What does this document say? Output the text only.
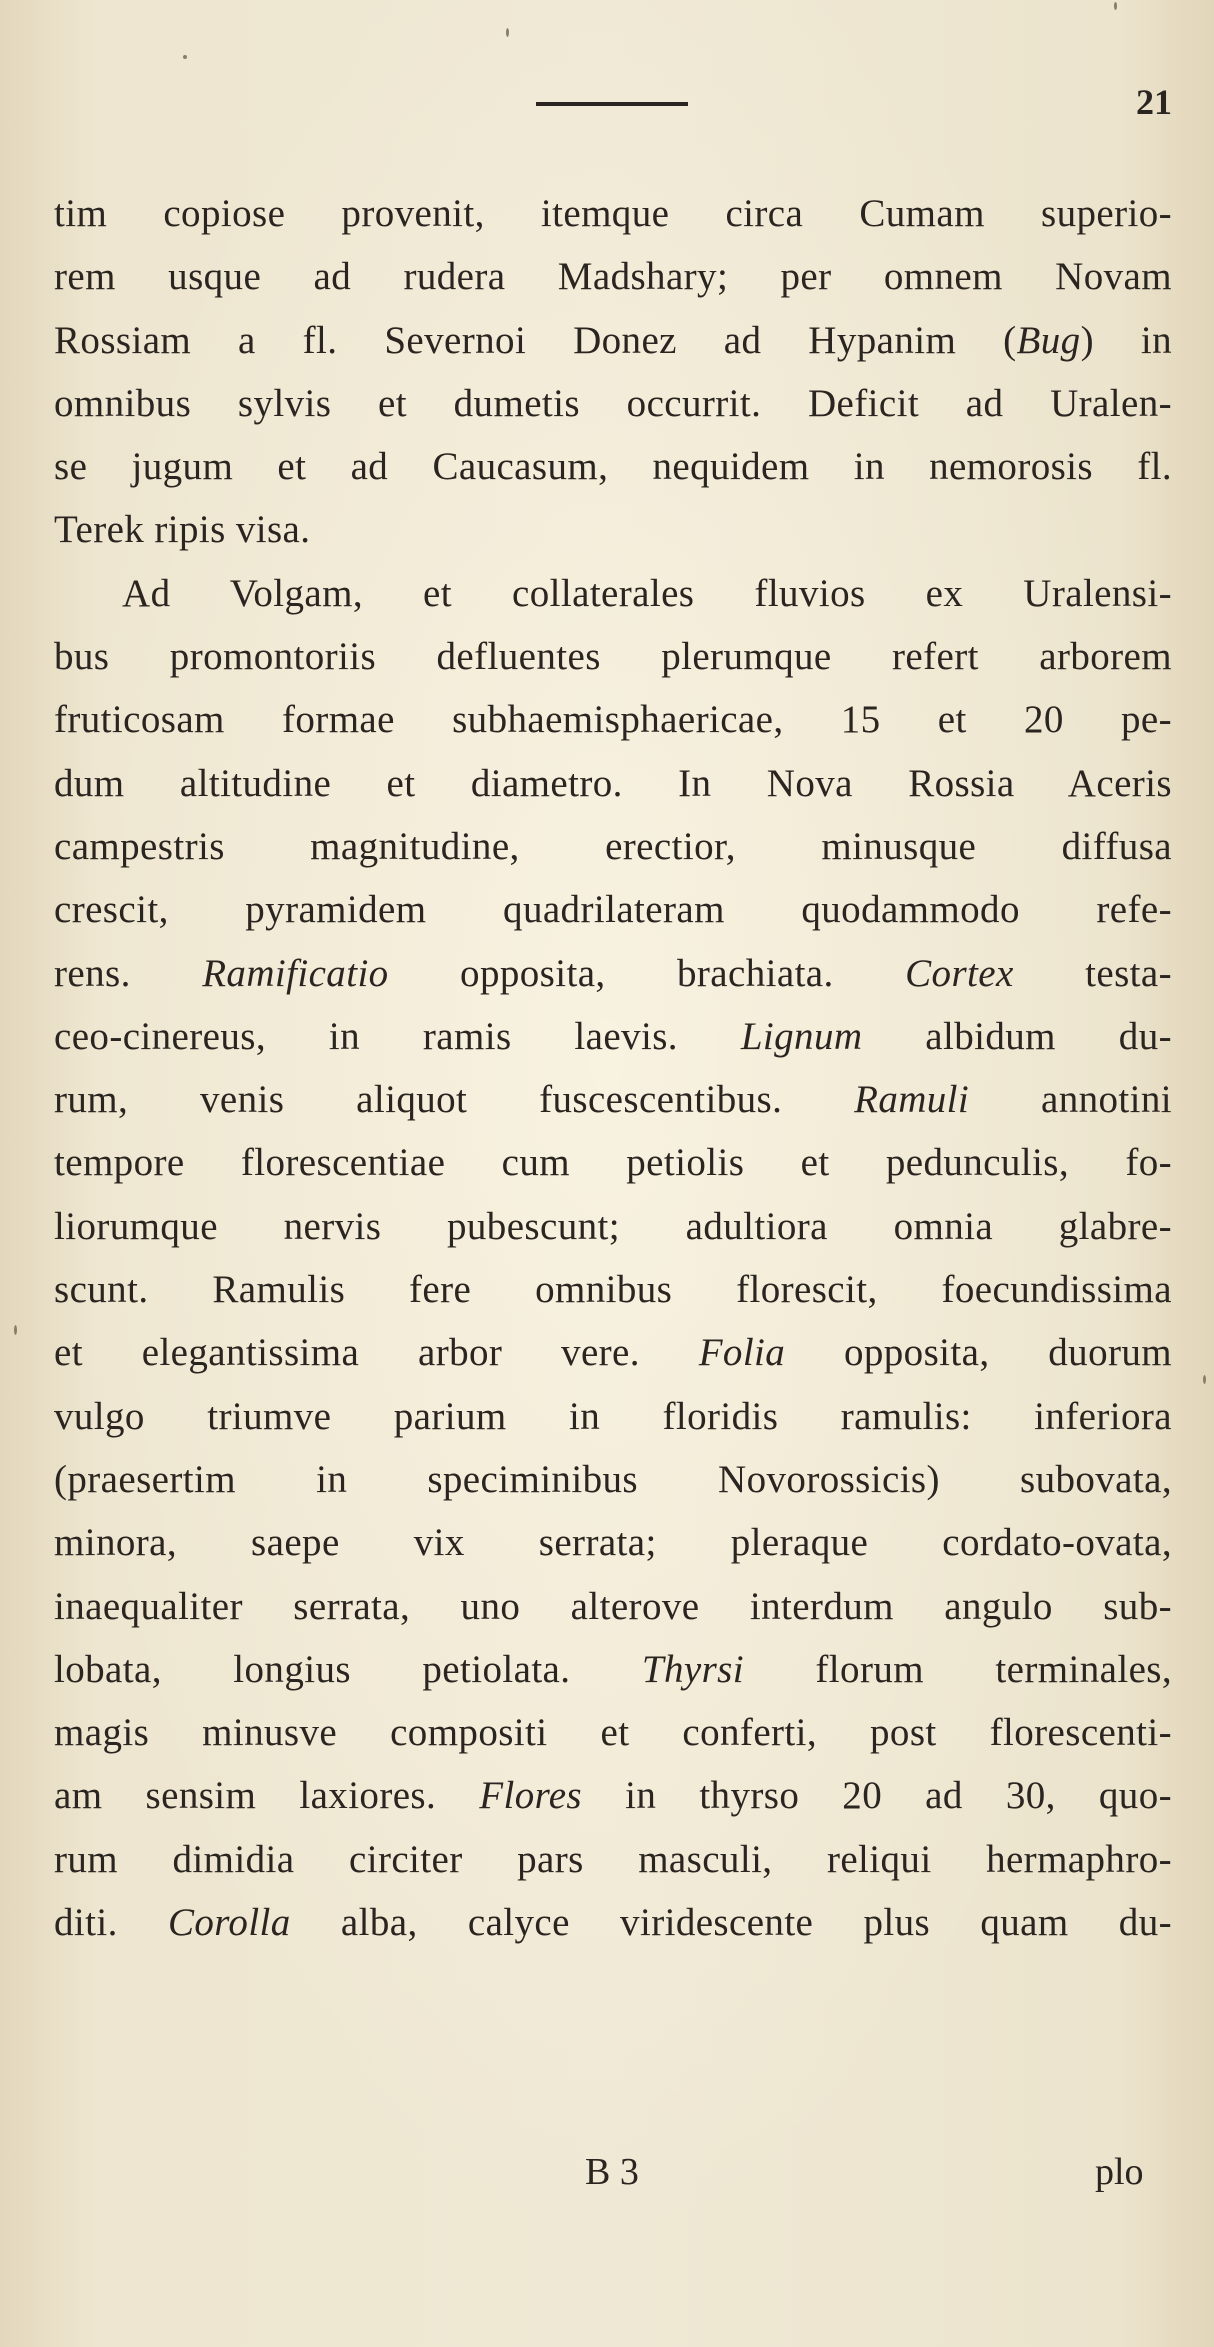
21
tim copiose provenit, itemque circa Cumam superio-
rem usque ad rudera Madshary; per omnem Novam
Rossiam a fl. Severnoi Donez ad Hypanim (Bug) in
omnibus sylvis et dumetis occurrit. Deficit ad Uralen-
se jugum et ad Caucasum, nequidem in nemorosis fl.
Terek ripis visa.
Ad Volgam, et collaterales fluvios ex Uralensi-
bus promontoriis defluentes plerumque refert arborem
fruticosam formae subhaemisphaericae, 15 et 20 pe-
dum altitudine et diametro. In Nova Rossia Aceris
campestris magnitudine, erectior, minusque diffusa
crescit, pyramidem quadrilateram quodammodo refe-
rens. Ramificatio opposita, brachiata. Cortex testa-
ceo-cinereus, in ramis laevis. Lignum albidum du-
rum, venis aliquot fuscescentibus. Ramuli annotini
tempore florescentiae cum petiolis et pedunculis, fo-
liorumque nervis pubescunt; adultiora omnia glabre-
scunt. Ramulis fere omnibus florescit, foecundissima
et elegantissima arbor vere. Folia opposita, duorum
vulgo triumve parium in floridis ramulis: inferiora
(praesertim in speciminibus Novorossicis) subovata,
minora, saepe vix serrata; pleraque cordato-ovata,
inaequaliter serrata, uno alterove interdum angulo sub-
lobata, longius petiolata. Thyrsi florum terminales,
magis minusve compositi et conferti, post florescenti-
am sensim laxiores. Flores in thyrso 20 ad 30, quo-
rum dimidia circiter pars masculi, reliqui hermaphro-
diti. Corolla alba, calyce viridescente plus quam du-
B 3	plo
